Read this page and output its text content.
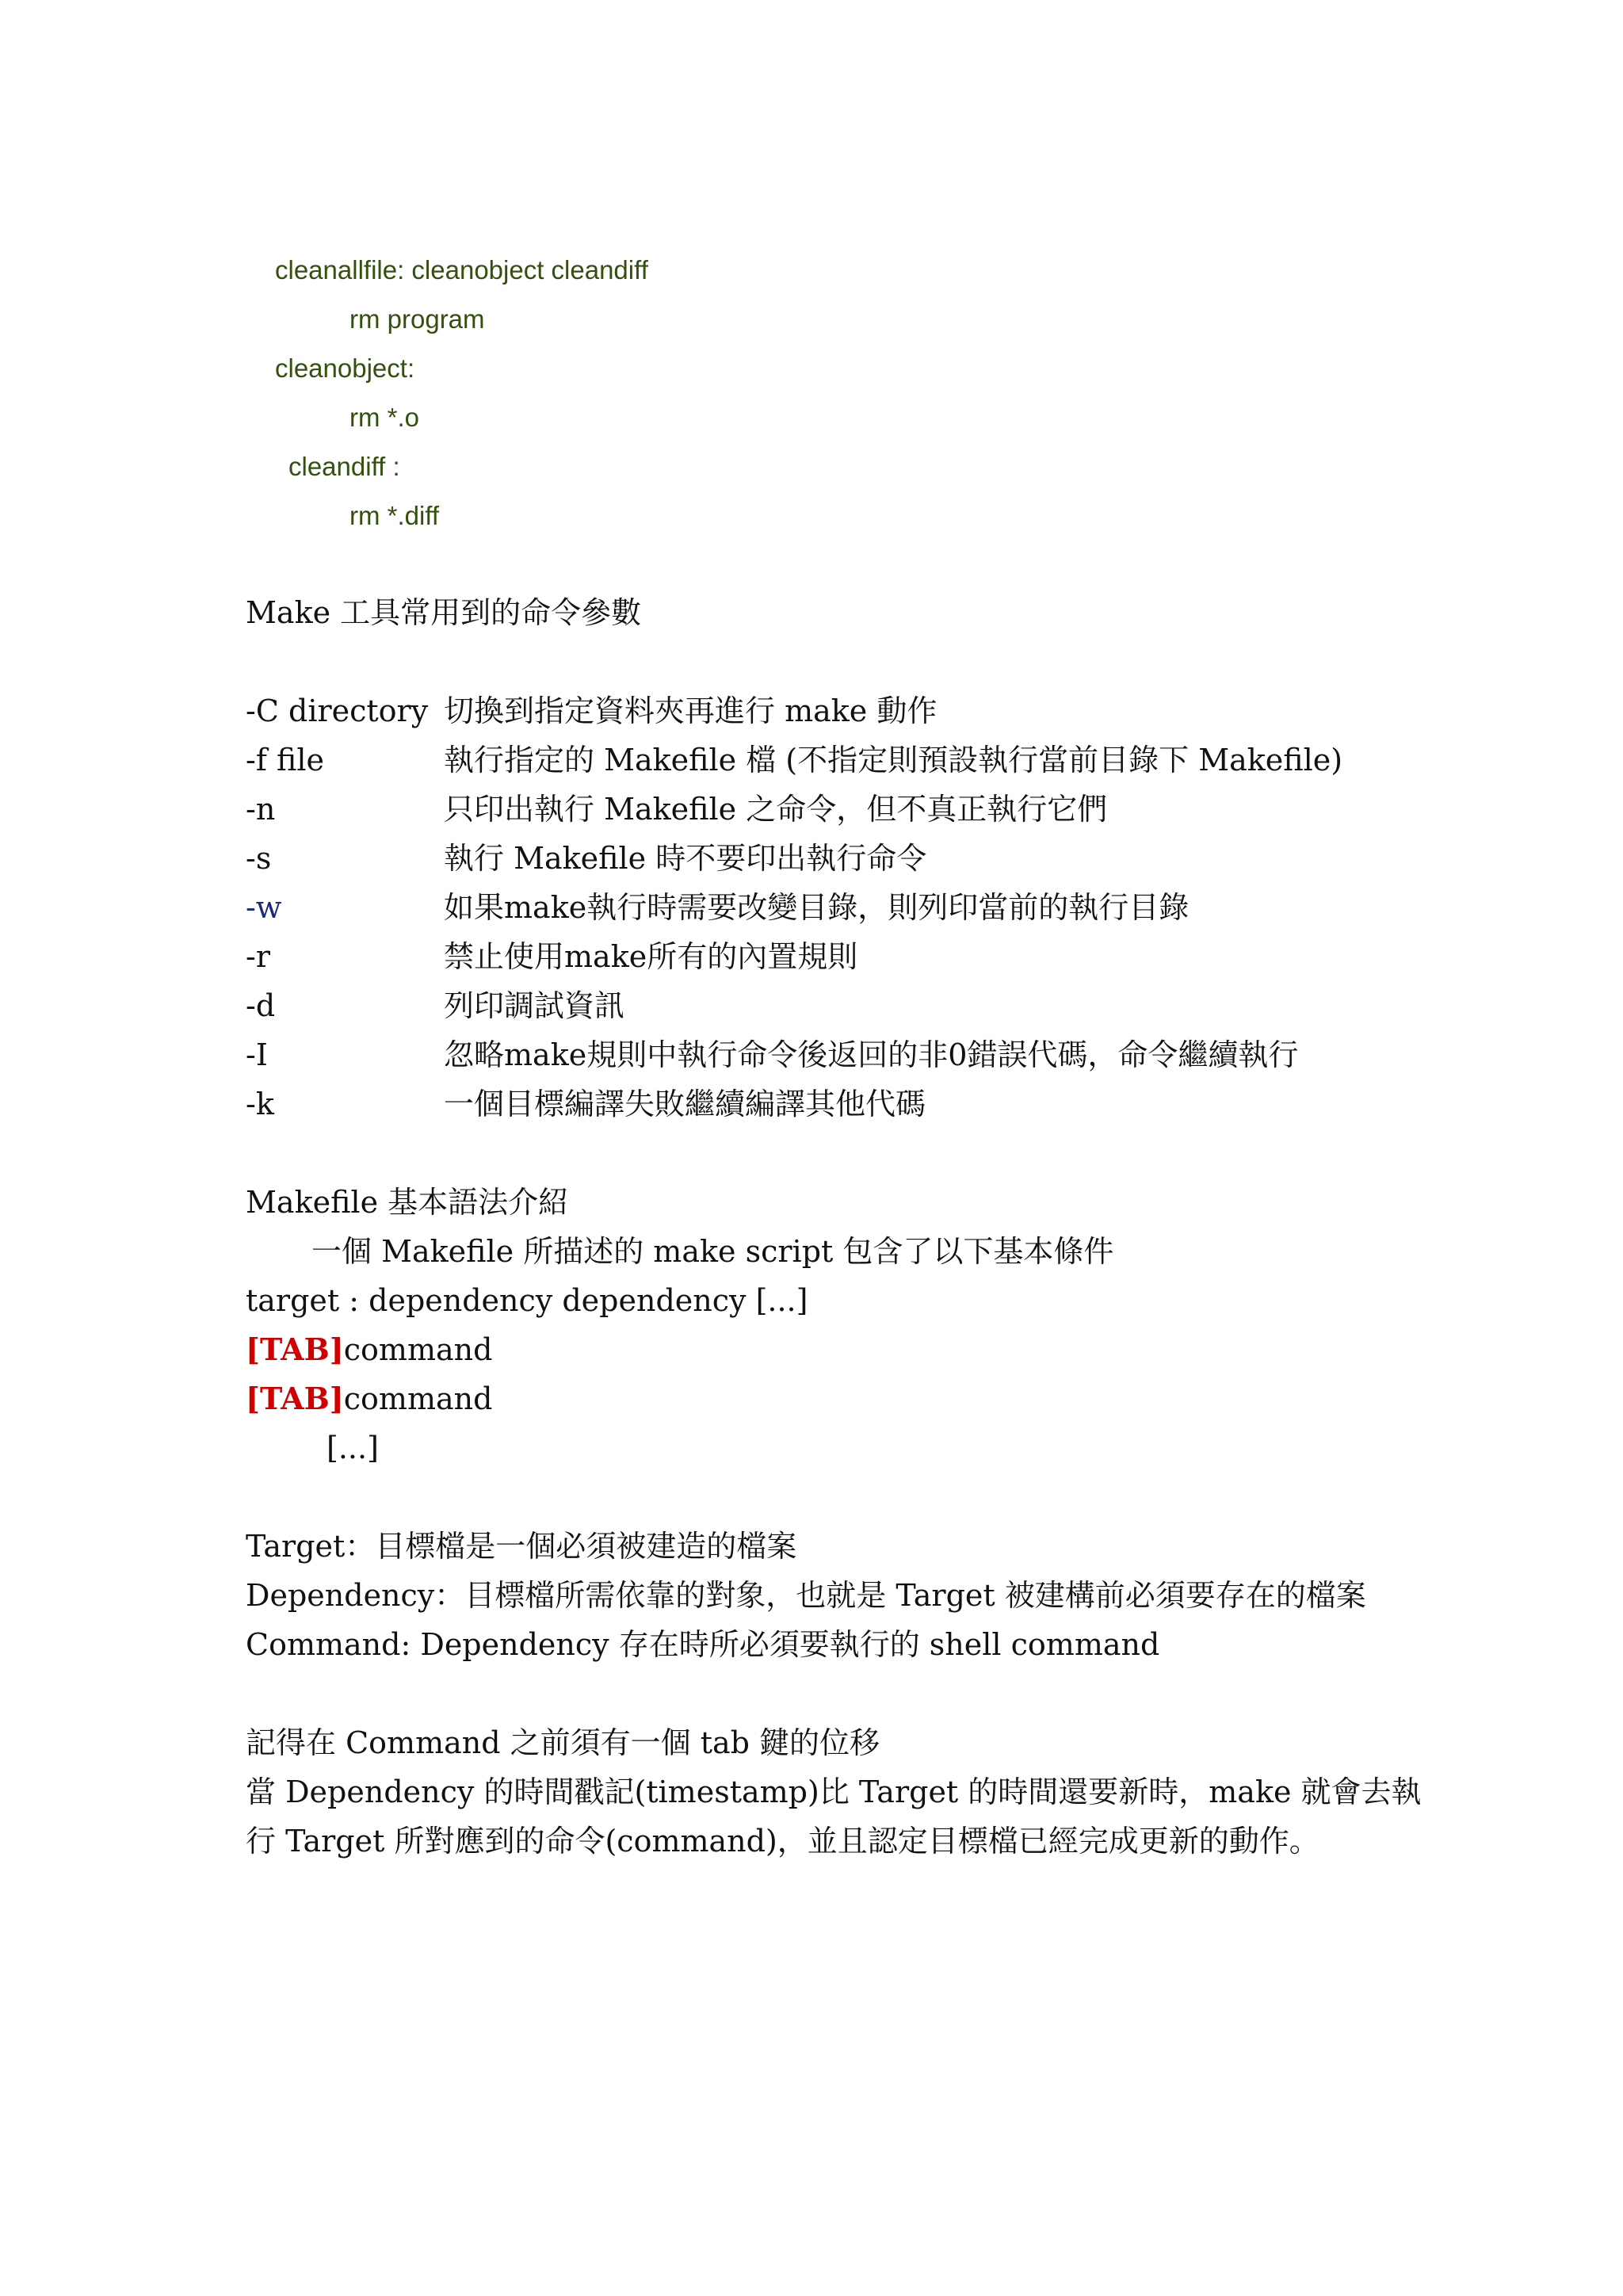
cleanallfile: cleanobject cleandiff
rm program
cleanobject:
rm *.o
cleandiff :
rm *.diff
Make 工具常用到的命令參數
-C directory 切換到指定資料夾再進行 make 動作
-f file	執行指定的 Makefile 檔 (不指定則預設執行當前目錄下 Makefile)
-n	只印出執行 Makefile 之命令，但不真正執行它們
-s	執行 Makefile 時不要印出執行命令
-w	如果make執行時需要改變目錄，則列印當前的執行目錄
-r	禁止使用make所有的內置規則
-d	列印調試資訊
-I	忽略make規則中執行命令後返回的非0錯誤代碼，命令繼續執行
-k	一個目標編譯失敗繼續編譯其他代碼
Makefile 基本語法介紹
一個 Makefile 所描述的 make script 包含了以下基本條件
target : dependency dependency [...]
[TAB]command
[TAB]command
[...]
Target：目標檔是一個必須被建造的檔案
Dependency：目標檔所需依靠的對象，也就是 Target 被建構前必須要存在的檔案
Command: Dependency 存在時所必須要執行的 shell command
記得在 Command 之前須有一個 tab 鍵的位移
當 Dependency 的時間戳記(timestamp)比 Target 的時間還要新時，make 就會去執
行 Target 所對應到的命令(command)，並且認定目標檔已經完成更新的動作。
